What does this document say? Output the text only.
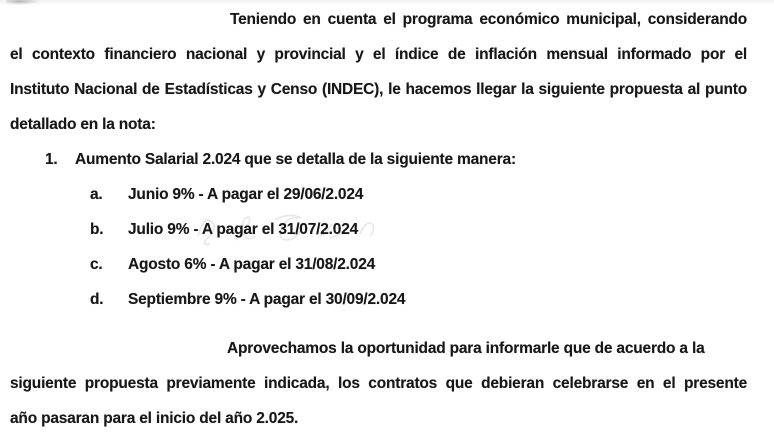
Teniendo en cuenta el programa económico municipal, considerando
el contexto financiero nacional y provincial y el índice de inflación mensual informado por el
Instituto Nacional de Estadísticas y Censo (INDEC), le hacemos llegar la siguiente propuesta al punto
detallado en la nota:
1.	Aumento Salarial 2.024 que se detalla de la siguiente manera:
a.	Junio 9% - A pagar el 29/06/2.024
b.	Julio 9% - A pagar el 31/07/2.024
c.	Agosto 6% - A pagar el 31/08/2.024
d.	Septiembre 9% - A pagar el 30/09/2.024
Aprovechamos la oportunidad para informarle que de acuerdo a la
siguiente propuesta previamente indicada, los contratos que debieran celebrarse en el presente
año pasaran para el inicio del año 2.025.
